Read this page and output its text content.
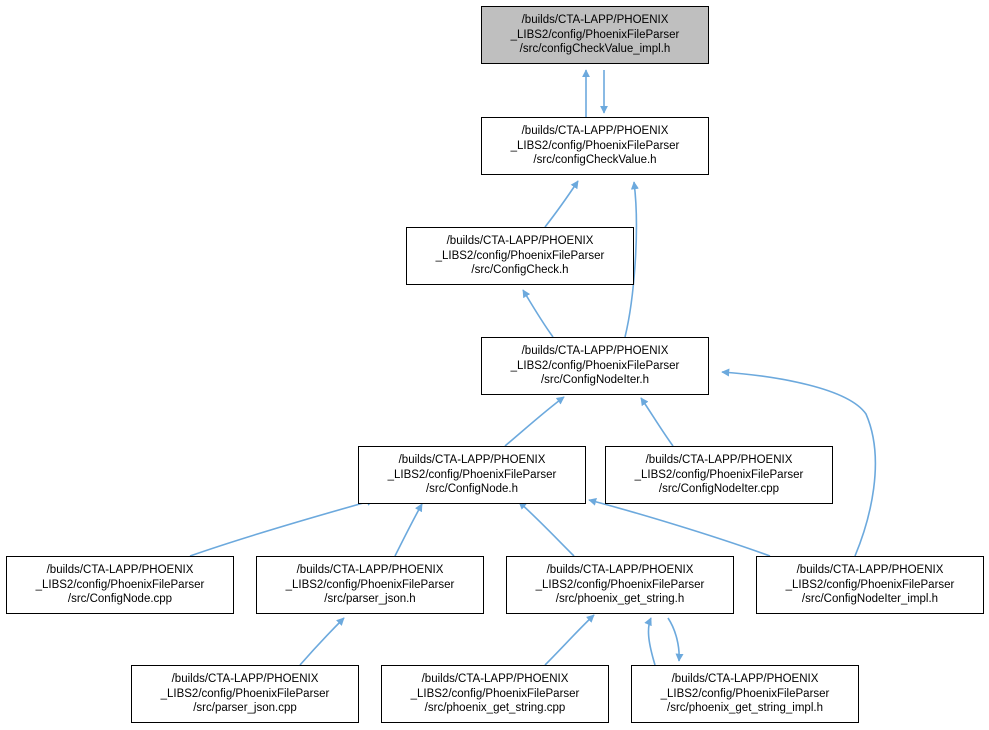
/builds/CTA-LAPP/PHOENIX
_LIBS2/config/PhoenixFileParser
/src/configCheckValue_impl.h
/builds/CTA-LAPP/PHOENIX
_LIBS2/config/PhoenixFileParser
/src/configCheckValue.h
/builds/CTA-LAPP/PHOENIX
_LIBS2/config/PhoenixFileParser
/src/ConfigCheck.h
/builds/CTA-LAPP/PHOENIX
_LIBS2/config/PhoenixFileParser
/src/ConfigNodeIter.h
/builds/CTA-LAPP/PHOENIX
_LIBS2/config/PhoenixFileParser
/src/ConfigNode.h
/builds/CTA-LAPP/PHOENIX
_LIBS2/config/PhoenixFileParser
/src/ConfigNodeIter.cpp
/builds/CTA-LAPP/PHOENIX
_LIBS2/config/PhoenixFileParser
/src/ConfigNode.cpp
/builds/CTA-LAPP/PHOENIX
_LIBS2/config/PhoenixFileParser
/src/parser_json.h
/builds/CTA-LAPP/PHOENIX
_LIBS2/config/PhoenixFileParser
/src/phoenix_get_string.h
/builds/CTA-LAPP/PHOENIX
_LIBS2/config/PhoenixFileParser
/src/ConfigNodeIter_impl.h
/builds/CTA-LAPP/PHOENIX
_LIBS2/config/PhoenixFileParser
/src/parser_json.cpp
/builds/CTA-LAPP/PHOENIX
_LIBS2/config/PhoenixFileParser
/src/phoenix_get_string.cpp
/builds/CTA-LAPP/PHOENIX
_LIBS2/config/PhoenixFileParser
/src/phoenix_get_string_impl.h
